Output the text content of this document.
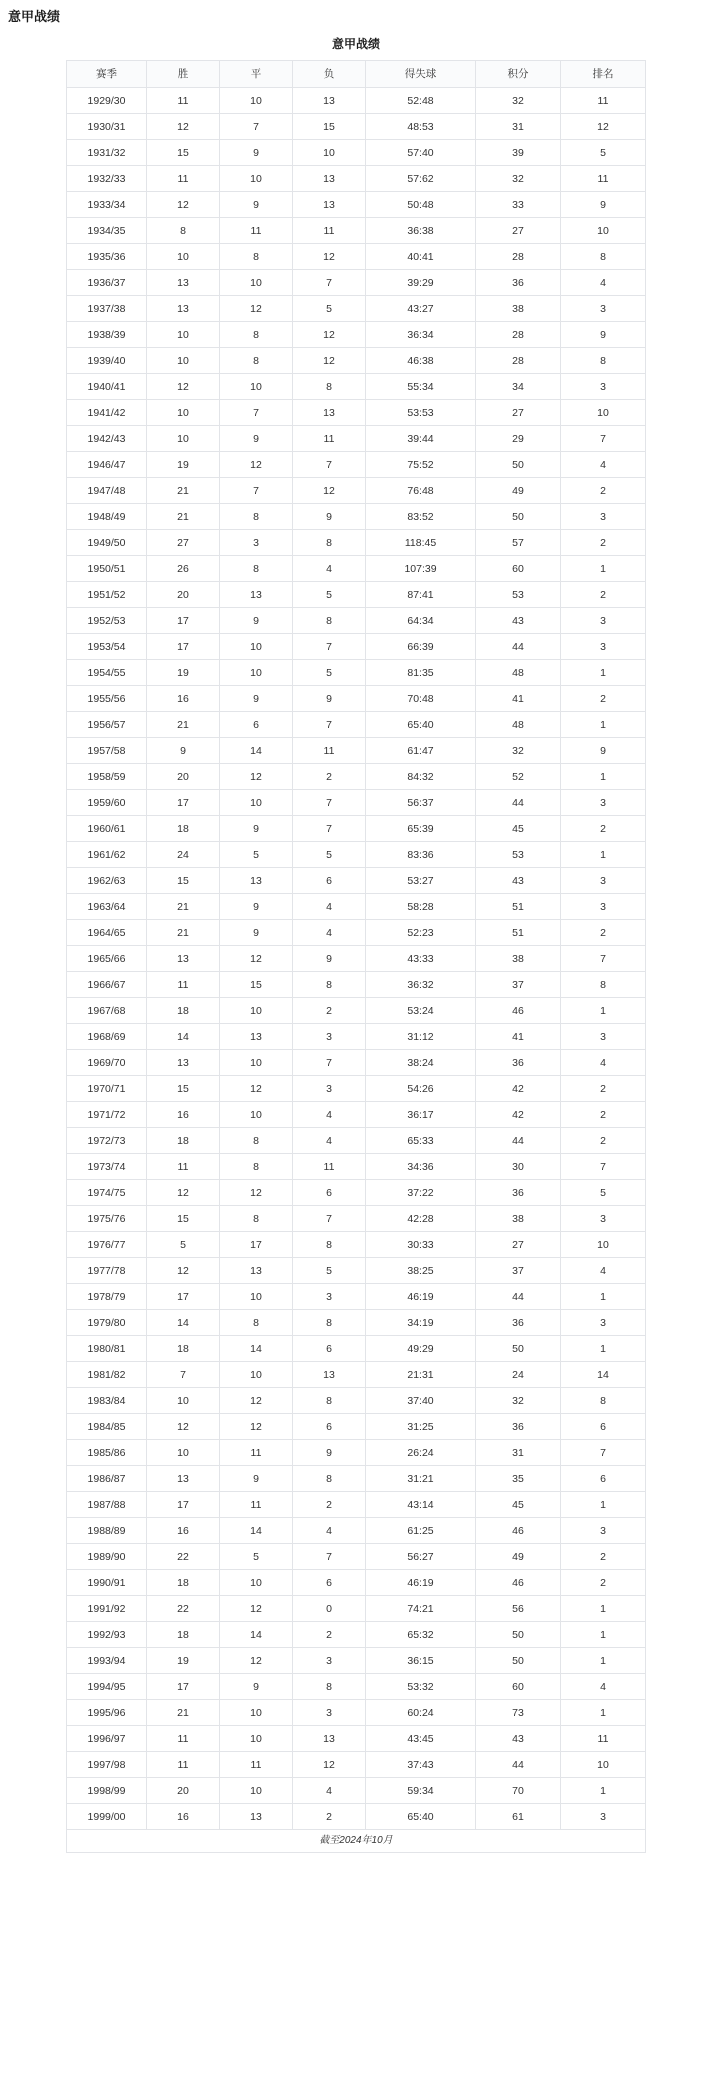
意甲战绩
意甲战绩
赛季	胜	平	负	得失球	积分	排名
1929/30	11	10	13	52:48	32	11
1930/31	12	7	15	48:53	31	12
1931/32	15	9	10	57:40	39	5
1932/33	11	10	13	57:62	32	11
1933/34	12	9	13	50:48	33	9
1934/35	8	11	11	36:38	27	10
1935/36	10	8	12	40:41	28	8
1936/37	13	10	7	39:29	36	4
1937/38	13	12	5	43:27	38	3
1938/39	10	8	12	36:34	28	9
1939/40	10	8	12	46:38	28	8
1940/41	12	10	8	55:34	34	3
1941/42	10	7	13	53:53	27	10
1942/43	10	9	11	39:44	29	7
1946/47	19	12	7	75:52	50	4
1947/48	21	7	12	76:48	49	2
1948/49	21	8	9	83:52	50	3
1949/50	27	3	8	118:45	57	2
1950/51	26	8	4	107:39	60	1
1951/52	20	13	5	87:41	53	2
1952/53	17	9	8	64:34	43	3
1953/54	17	10	7	66:39	44	3
1954/55	19	10	5	81:35	48	1
1955/56	16	9	9	70:48	41	2
1956/57	21	6	7	65:40	48	1
1957/58	9	14	11	61:47	32	9
1958/59	20	12	2	84:32	52	1
1959/60	17	10	7	56:37	44	3
1960/61	18	9	7	65:39	45	2
1961/62	24	5	5	83:36	53	1
1962/63	15	13	6	53:27	43	3
1963/64	21	9	4	58:28	51	3
1964/65	21	9	4	52:23	51	2
1965/66	13	12	9	43:33	38	7
1966/67	11	15	8	36:32	37	8
1967/68	18	10	2	53:24	46	1
1968/69	14	13	3	31:12	41	3
1969/70	13	10	7	38:24	36	4
1970/71	15	12	3	54:26	42	2
1971/72	16	10	4	36:17	42	2
1972/73	18	8	4	65:33	44	2
1973/74	11	8	11	34:36	30	7
1974/75	12	12	6	37:22	36	5
1975/76	15	8	7	42:28	38	3
1976/77	5	17	8	30:33	27	10
1977/78	12	13	5	38:25	37	4
1978/79	17	10	3	46:19	44	1
1979/80	14	8	8	34:19	36	3
1980/81	18	14	6	49:29	50	1
1981/82	7	10	13	21:31	24	14
1983/84	10	12	8	37:40	32	8
1984/85	12	12	6	31:25	36	6
1985/86	10	11	9	26:24	31	7
1986/87	13	9	8	31:21	35	6
1987/88	17	11	2	43:14	45	1
1988/89	16	14	4	61:25	46	3
1989/90	22	5	7	56:27	49	2
1990/91	18	10	6	46:19	46	2
1991/92	22	12	0	74:21	56	1
1992/93	18	14	2	65:32	50	1
1993/94	19	12	3	36:15	50	1
1994/95	17	9	8	53:32	60	4
1995/96	21	10	3	60:24	73	1
1996/97	11	10	13	43:45	43	11
1997/98	11	11	12	37:43	44	10
1998/99	20	10	4	59:34	70	1
1999/00	16	13	2	65:40	61	3
截至2024年10月						
